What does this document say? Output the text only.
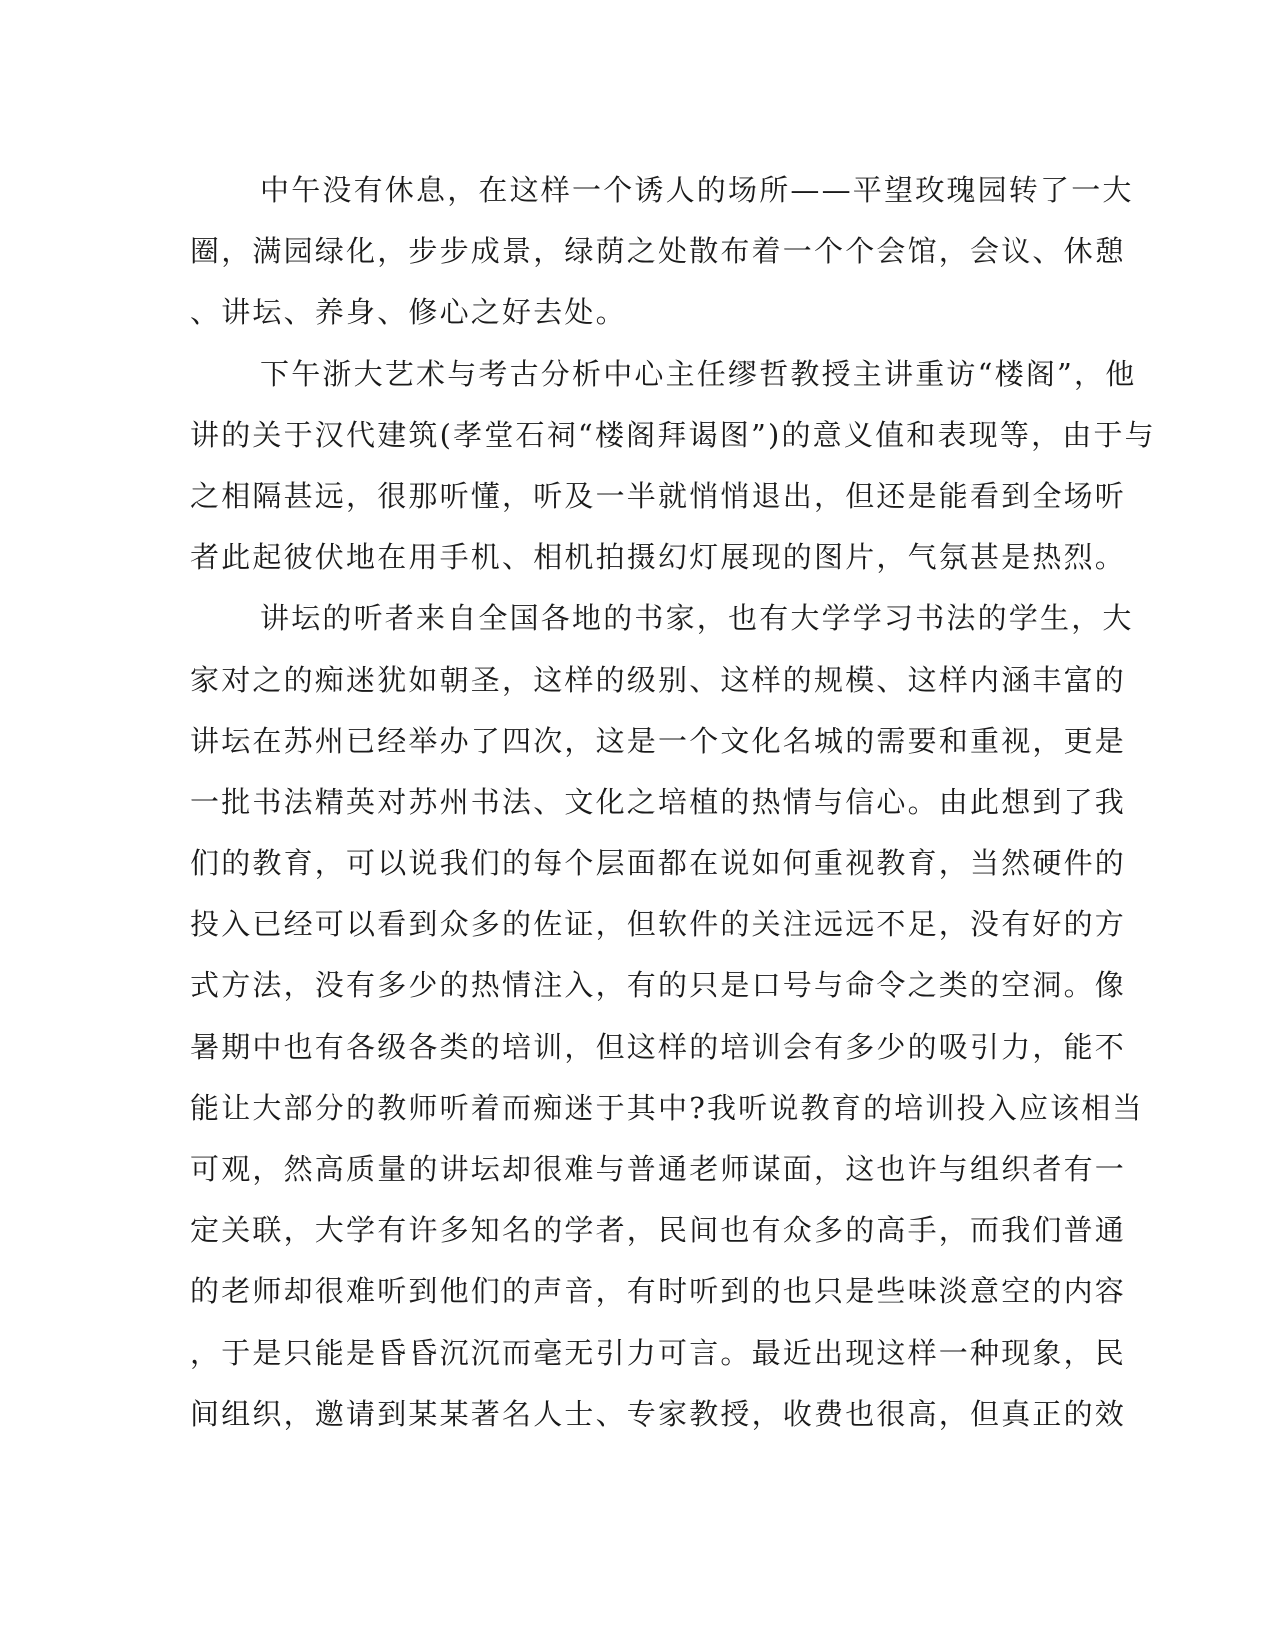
中午没有休息，在这样一个诱人的场所——平望玫瑰园转了一大
圈，满园绿化，步步成景，绿荫之处散布着一个个会馆，会议、休憩
、讲坛、养身、修心之好去处。
下午浙大艺术与考古分析中心主任缪哲教授主讲重访“楼阁”，他
讲的关于汉代建筑(孝堂石祠“楼阁拜谒图”)的意义值和表现等，由于与
之相隔甚远，很那听懂，听及一半就悄悄退出，但还是能看到全场听
者此起彼伏地在用手机、相机拍摄幻灯展现的图片，气氛甚是热烈。
讲坛的听者来自全国各地的书家，也有大学学习书法的学生，大
家对之的痴迷犹如朝圣，这样的级别、这样的规模、这样内涵丰富的
讲坛在苏州已经举办了四次，这是一个文化名城的需要和重视，更是
一批书法精英对苏州书法、文化之培植的热情与信心。由此想到了我
们的教育，可以说我们的每个层面都在说如何重视教育，当然硬件的
投入已经可以看到众多的佐证，但软件的关注远远不足，没有好的方
式方法，没有多少的热情注入，有的只是口号与命令之类的空洞。像
暑期中也有各级各类的培训，但这样的培训会有多少的吸引力，能不
能让大部分的教师听着而痴迷于其中?我听说教育的培训投入应该相当
可观，然高质量的讲坛却很难与普通老师谋面，这也许与组织者有一
定关联，大学有许多知名的学者，民间也有众多的高手，而我们普通
的老师却很难听到他们的声音，有时听到的也只是些味淡意空的内容
，于是只能是昏昏沉沉而毫无引力可言。最近出现这样一种现象，民
间组织，邀请到某某著名人士、专家教授，收费也很高，但真正的效
